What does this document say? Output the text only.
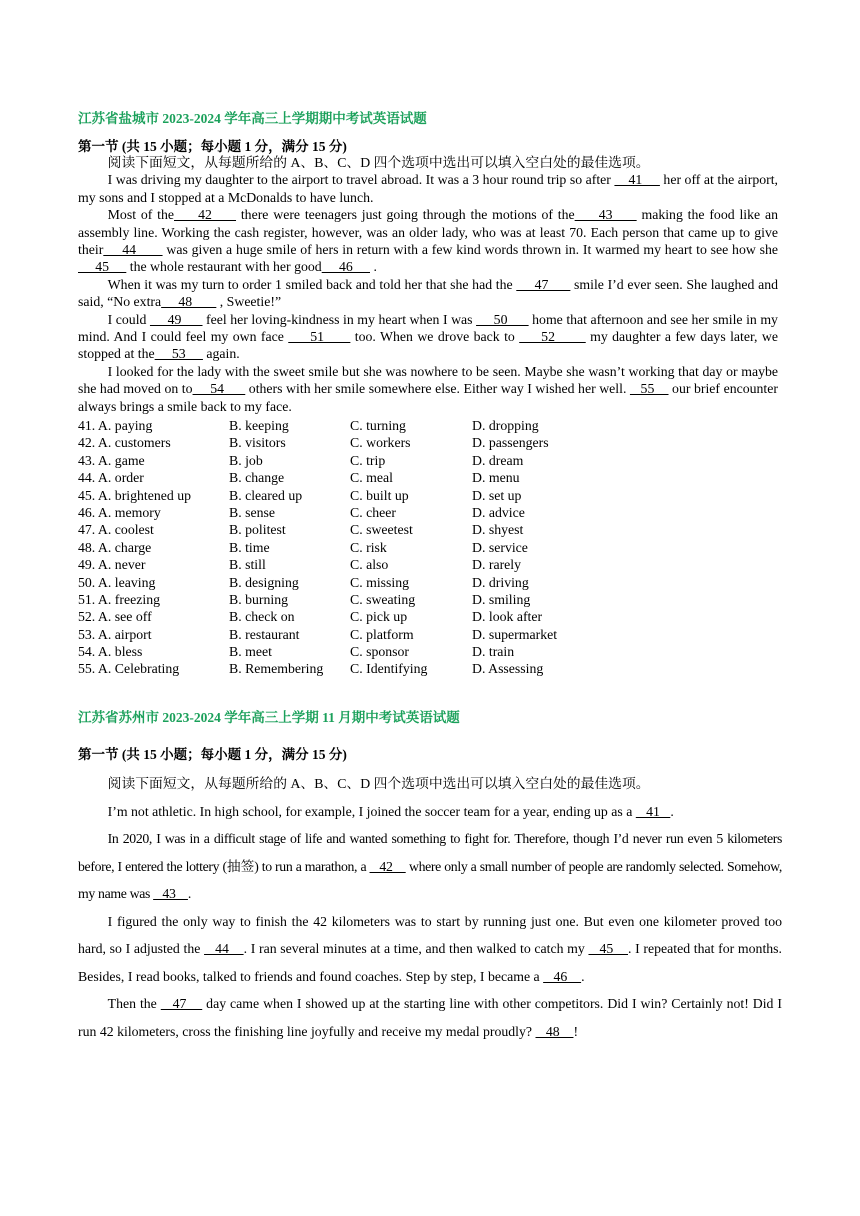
江苏省盐城市 2023-2024 学年高三上学期期中考试英语试题
第一节 (共 15 小题；每小题 1 分，满分 15 分)

阅读下面短文，从每题所给的 A、B、C、D 四个选项中选出可以填入空白处的最佳选项。

I was driving my daughter to the airport to travel abroad. It was a 3 hour round trip so after     41      her off at the airport, my sons and I stopped at a McDonalds to have lunch.

Most of the     42      there were teenagers just going through the motions of the     43      making the food like an assembly line. Working the cash register, however, was an older lady, who was at least 70. Each person that came up to give their     44        was given a huge smile of hers in return with a few kind words thrown in. It warmed my heart to see how she     45      the whole restaurant with her good     46      .

When it was my turn to order 1 smiled back and told her that she had the      47       smile I’d ever seen. She laughed and said, “No extra     48        , Sweetie!”

I could      49       feel her loving-kindness in my heart when I was      50       home that afternoon and see her smile in my mind. And I could feel my own face      51       too. When we drove back to      52        my daughter a few days later, we stopped at the     53      again.

I looked for the lady with the sweet smile but she was nowhere to be seen. Maybe she wasn’t working that day or maybe she had moved on to     54       others with her smile somewhere else. Either way I wished her well.    55     our brief encounter always brings a smile back to my face.

41. A. paying	B. keeping	C. turning	D. dropping
42. A. customers	B. visitors	C. workers	D. passengers
43. A. game	B. job	C. trip	D. dream
44. A. order	B. change	C. meal	D. menu
45. A. brightened up	B. cleared up	C. built up	D. set up
46. A. memory	B. sense	C. cheer	D. advice
47. A. coolest	B. politest	C. sweetest	D. shyest
48. A. charge	B. time	C. risk	D. service
49. A. never	B. still	C. also	D. rarely
50. A. leaving	B. designing	C. missing	D. driving
51. A. freezing	B. burning	C. sweating	D. smiling
52. A. see off	B. check on	C. pick up	D. look after
53. A. airport	B. restaurant	C. platform	D. supermarket
54. A. bless	B. meet	C. sponsor	D. train
55. A. Celebrating	B. Remembering	C. Identifying	D. Assessing
江苏省苏州市 2023-2024 学年高三上学期 11 月期中考试英语试题
第一节 (共 15 小题；每小题 1 分，满分 15 分)

阅读下面短文，从每题所给的 A、B、C、D 四个选项中选出可以填入空白处的最佳选项。

I’m not athletic. In high school, for example, I joined the soccer team for a year, ending up as a    41   .

In 2020, I was in a difficult stage of life and wanted something to fight for. Therefore, though I’d never run even 5 kilometers before, I entered the lottery (抽签) to run a marathon, a    42     where only a small number of people are randomly selected. Somehow, my name was    43    .

I figured the only way to finish the 42 kilometers was to start by running just one. But even one kilometer proved too hard, so I adjusted the    44    . I ran several minutes at a time, and then walked to catch my    45    . I repeated that for months. Besides, I read books, talked to friends and found coaches. Step by step, I became a    46    .

Then the    47     day came when I showed up at the starting line with other competitors. Did I win? Certainly not! Did I run 42 kilometers, cross the finishing line joyfully and receive my medal proudly?    48    !
